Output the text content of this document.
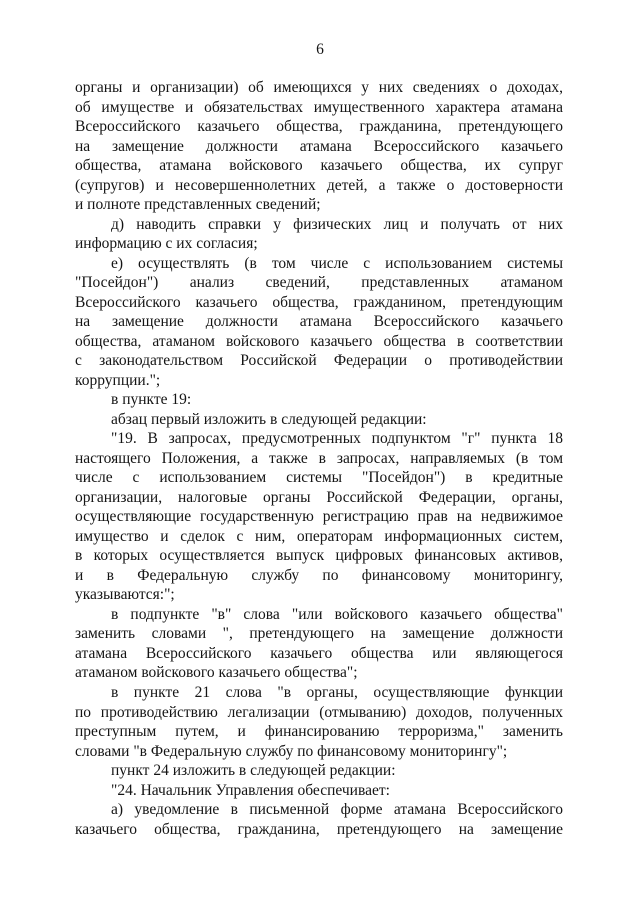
6
органы и организации) об имеющихся у них сведениях о доходах,
об имуществе и обязательствах имущественного характера атамана
Всероссийского казачьего общества, гражданина, претендующего
на замещение должности атамана Всероссийского казачьего
общества, атамана войскового казачьего общества, их супруг
(супругов) и несовершеннолетних детей, а также о достоверности
и полноте представленных сведений;
д) наводить справки у физических лиц и получать от них
информацию с их согласия;
е) осуществлять (в том числе с использованием системы
"Посейдон") анализ сведений, представленных атаманом
Всероссийского казачьего общества, гражданином, претендующим
на замещение должности атамана Всероссийского казачьего
общества, атаманом войскового казачьего общества в соответствии
с законодательством Российской Федерации о противодействии
коррупции.";
в пункте 19:
абзац первый изложить в следующей редакции:
"19. В запросах, предусмотренных подпунктом "г" пункта 18
настоящего Положения, а также в запросах, направляемых (в том
числе с использованием системы "Посейдон") в кредитные
организации, налоговые органы Российской Федерации, органы,
осуществляющие государственную регистрацию прав на недвижимое
имущество и сделок с ним, операторам информационных систем,
в которых осуществляется выпуск цифровых финансовых активов,
и в Федеральную службу по финансовому мониторингу,
указываются:";
в подпункте "в" слова "или войскового казачьего общества"
заменить словами ", претендующего на замещение должности
атамана Всероссийского казачьего общества или являющегося
атаманом войскового казачьего общества";
в пункте 21 слова "в органы, осуществляющие функции
по противодействию легализации (отмыванию) доходов, полученных
преступным путем, и финансированию терроризма," заменить
словами "в Федеральную службу по финансовому мониторингу";
пункт 24 изложить в следующей редакции:
"24. Начальник Управления обеспечивает:
а) уведомление в письменной форме атамана Всероссийского
казачьего общества, гражданина, претендующего на замещение
